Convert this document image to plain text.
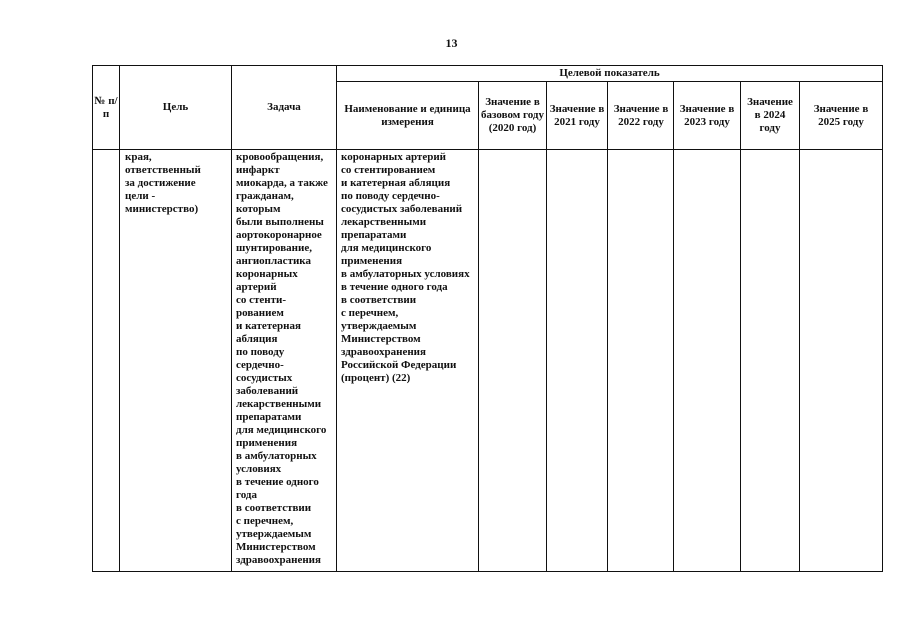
13
№ п/п
Цель	Задача
Целевой показатель
Наименование и единица измерения
Значение в базовом году (2020 год)
Значение в 2021 году
Значение в 2022 году
Значение в 2023 году
Значение в 2024 году
Значение в 2025 году
края,
ответственный
за достижение
цели -
министерство)
кровообращения,
инфаркт
миокарда, а также
гражданам, которым
были выполнены
аортокоронарное
шунтирование,
ангиопластика
коронарных
артерий
со стенти-
рованием
и катетерная
абляция
по поводу
сердечно-
сосудистых
заболеваний
лекарственными
препаратами
для медицинского
применения
в амбулаторных
условиях
в течение одного
года
в соответствии
с перечнем,
утверждаемым
Министерством
здравоохранения
коронарных артерий
со стентированием
и катетерная абляция
по поводу сердечно-
сосудистых заболеваний
лекарственными
препаратами
для медицинского
применения
в амбулаторных условиях
в течение одного года
в соответствии
с перечнем,
утверждаемым
Министерством
здравоохранения
Российской Федерации
(процент) (22)
